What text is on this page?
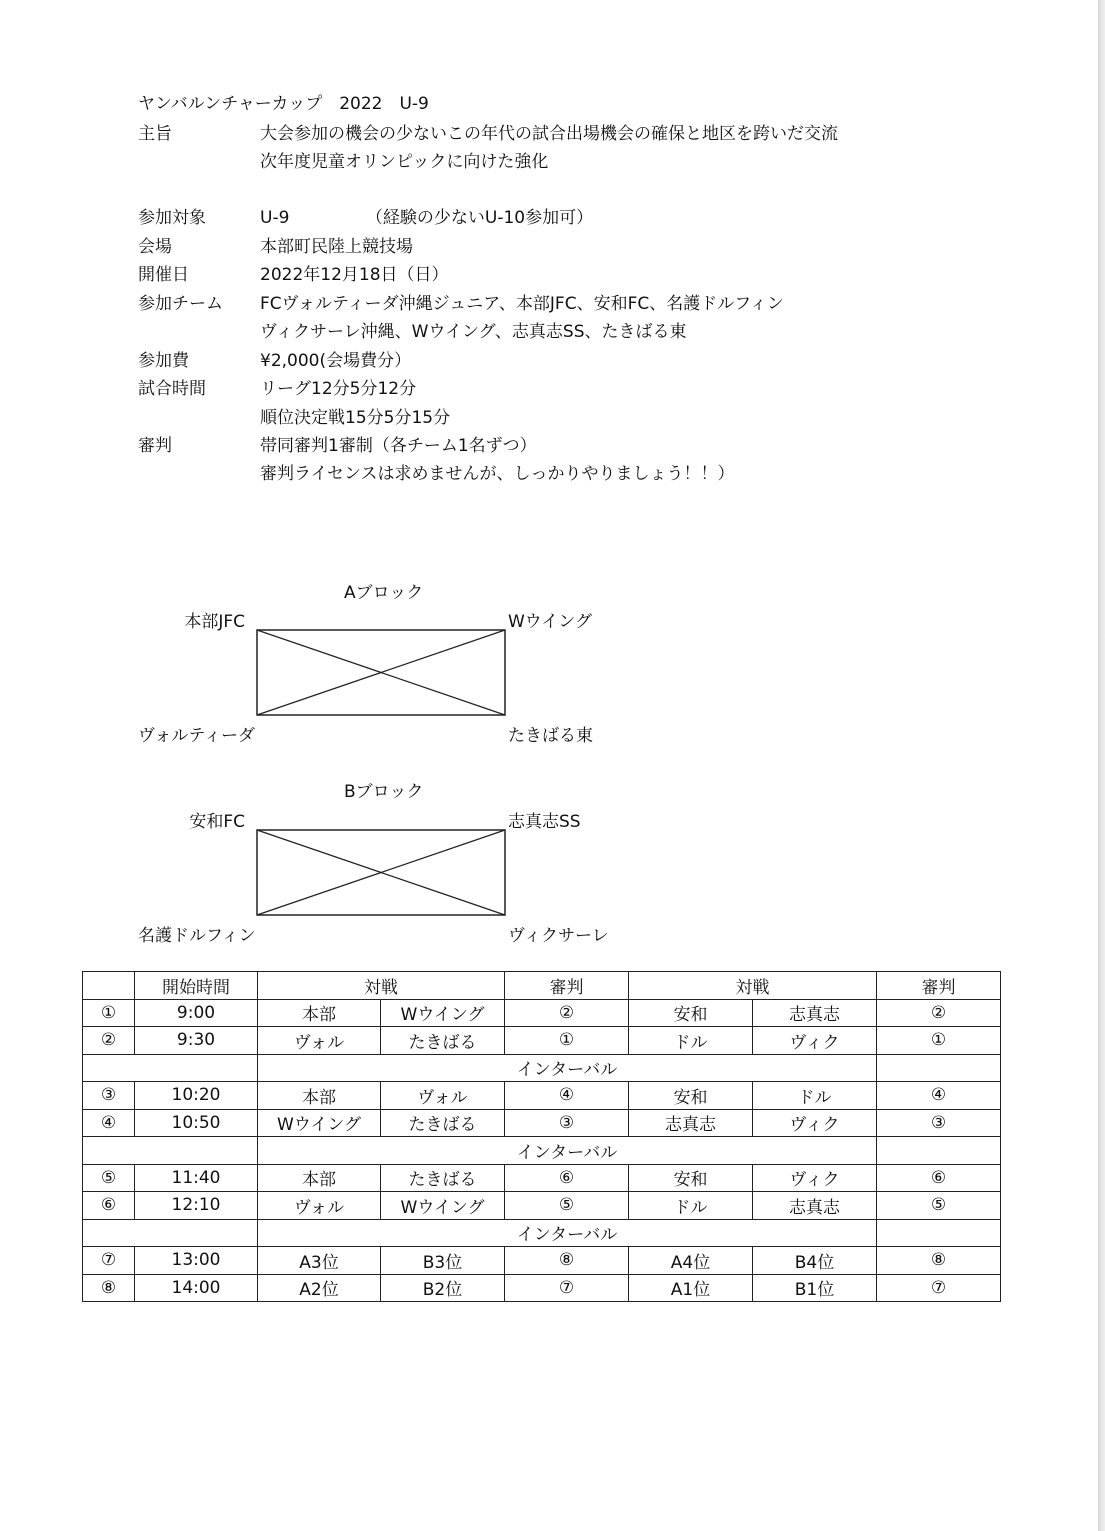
ヤンバルンチャーカップ　2022　U-9
主旨	大会参加の機会の少ないこの年代の試合出場機会の確保と地区を跨いだ交流
次年度児童オリンピックに向けた強化
参加対象	U-9　　　　　（経験の少ないU-10参加可）
会場	本部町民陸上競技場
開催日	2022年12月18日（日）
参加チーム FCヴォルティーダ沖縄ジュニア、本部JFC、安和FC、名護ドルフィン
ヴィクサーレ沖縄、Wウイング、志真志SS、たきばる東
参加費	¥2,000(会場費分）
試合時間	リーグ12分5分12分
順位決定戦15分5分15分
審判	帯同審判1審制（各チーム1名ずつ）
審判ライセンスは求めませんが、しっかりやりましょう！！）
Aブロック
本部JFC	Wウイング
ヴォルティーダ	たきばる東
Bブロック
安和FC	志真志SS
名護ドルフィン	ヴィクサーレ
	開始時間	対戦		審判	対戦		審判
①	9:00	本部	Wウイング	②	安和	志真志	②
②	9:30	ヴォル	たきばる	①	ドル	ヴィク	①
		インターバル					
③	10:20	本部	ヴォル	④	安和	ドル	④
④	10:50	Wウイング	たきばる	③	志真志	ヴィク	③
		インターバル					
⑤	11:40	本部	たきばる	⑥	安和	ヴィク	⑥
⑥	12:10	ヴォル	Wウイング	⑤	ドル	志真志	⑤
		インターバル					
⑦	13:00	A3位	B3位	⑧	A4位	B4位	⑧
⑧	14:00	A2位	B2位	⑦	A1位	B1位	⑦
